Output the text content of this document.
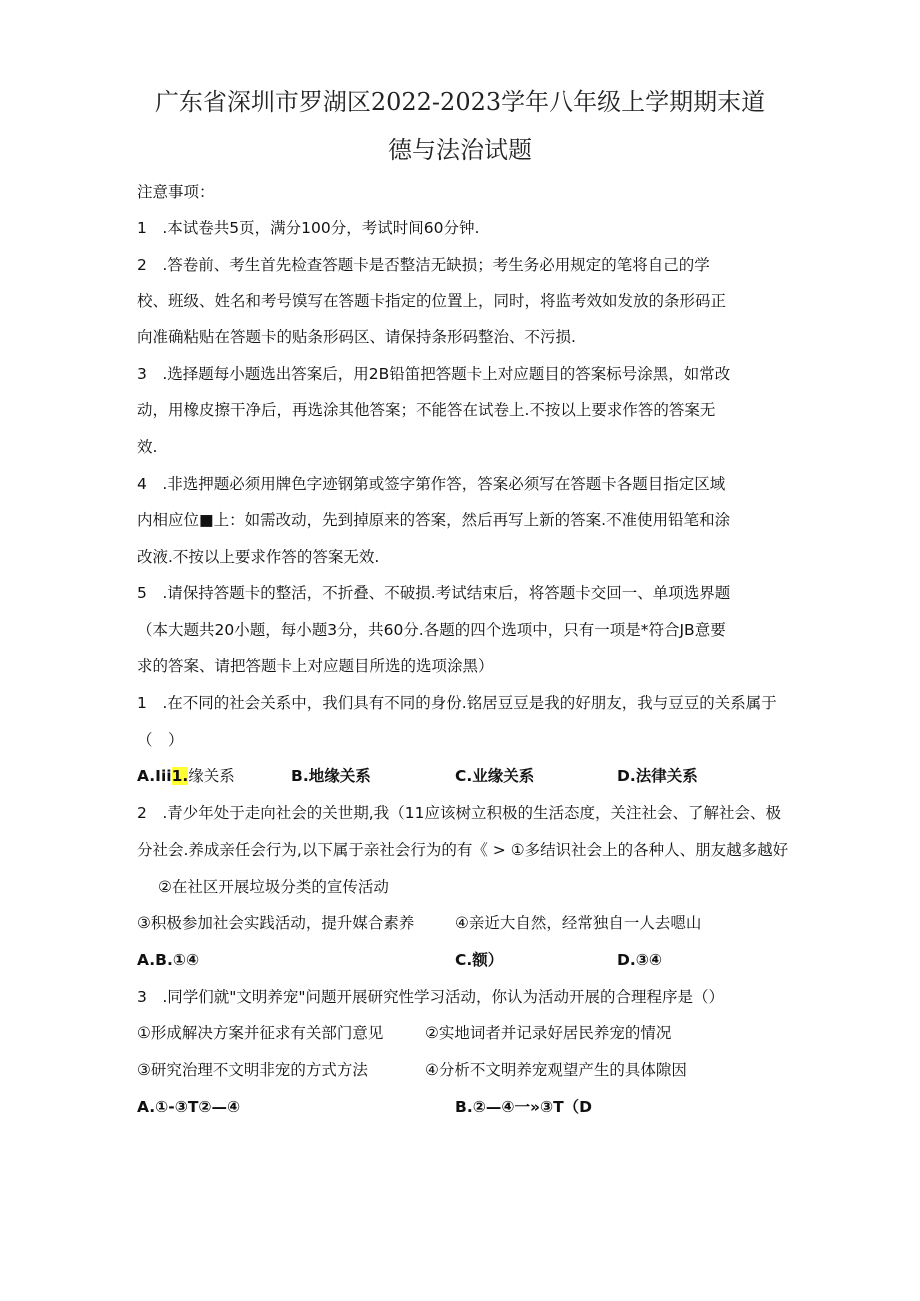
广东省深圳市罗湖区2022-2023学年八年级上学期期末道
德与法治试题
注意事项：
1　.本试卷共5页，满分100分，考试时间60分钟.
2　.答卷前、考生首先检查答题卡是否整洁无缺损；考生务必用规定的笔将自己的学
校、班级、姓名和考号馍写在答题卡指定的位置上，同时，将监考效如发放的条形码正
向准确粘贴在答题卡的贴条形码区、请保持条形码整治、不污损.
3　.选择题每小题选出答案后，用2B铅笛把答题卡上对应题目的答案标号涂黑，如常改
动，用橡皮擦干净后，再选涂其他答案；不能答在试卷上.不按以上要求作答的答案无
效.
4　.非选押题必须用牌色字迹钢第或签字第作答，答案必须写在答题卡各题目指定区域
内相应位■上：如需改动，先到掉原来的答案，然后再写上新的答案.不准使用铅笔和涂
改液.不按以上要求作答的答案无效.
5　.请保持答题卡的整活，不折叠、不破损.考试结束后，将答题卡交回一、单项选界题
（本大题共20小题，每小题3分，共60分.各题的四个选项中，只有一项是*符合JB意要
求的答案、请把答题卡上对应题目所选的选项涂黑）
1　.在不同的社会关系中，我们具有不同的身份.铭居豆豆是我的好朋友，我与豆豆的关系属于
（　）
A.Iii1.缘关系	B.地缘关系	C.业缘关系	D.法律关系
2　.青少年处于走向社会的关世期,我（11应该树立积极的生活态度，关注社会、了解社会、极
分社会.养成亲任会行为,以下属于亲社会行为的有《 > ①多结识社会上的各种人、朋友越多越好
②在社区开展垃圾分类的宣传活动
③积极参加社会实践活动，提升媒合素养	④亲近大自然，经常独自一人去嗯山
A.B.①④	C.额）	D.③④
3　.同学们就"文明养宠"问题开展研究性学习活动，你认为活动开展的合理程序是（）
①形成解决方案并征求有关部门意见	②实地词者并记录好居民养宠的情况
③研究治理不文明非宠的方式方法	④分析不文明养宠观望产生的具体隙因
A.①-③T②—④	B.②—④一»③T（D
